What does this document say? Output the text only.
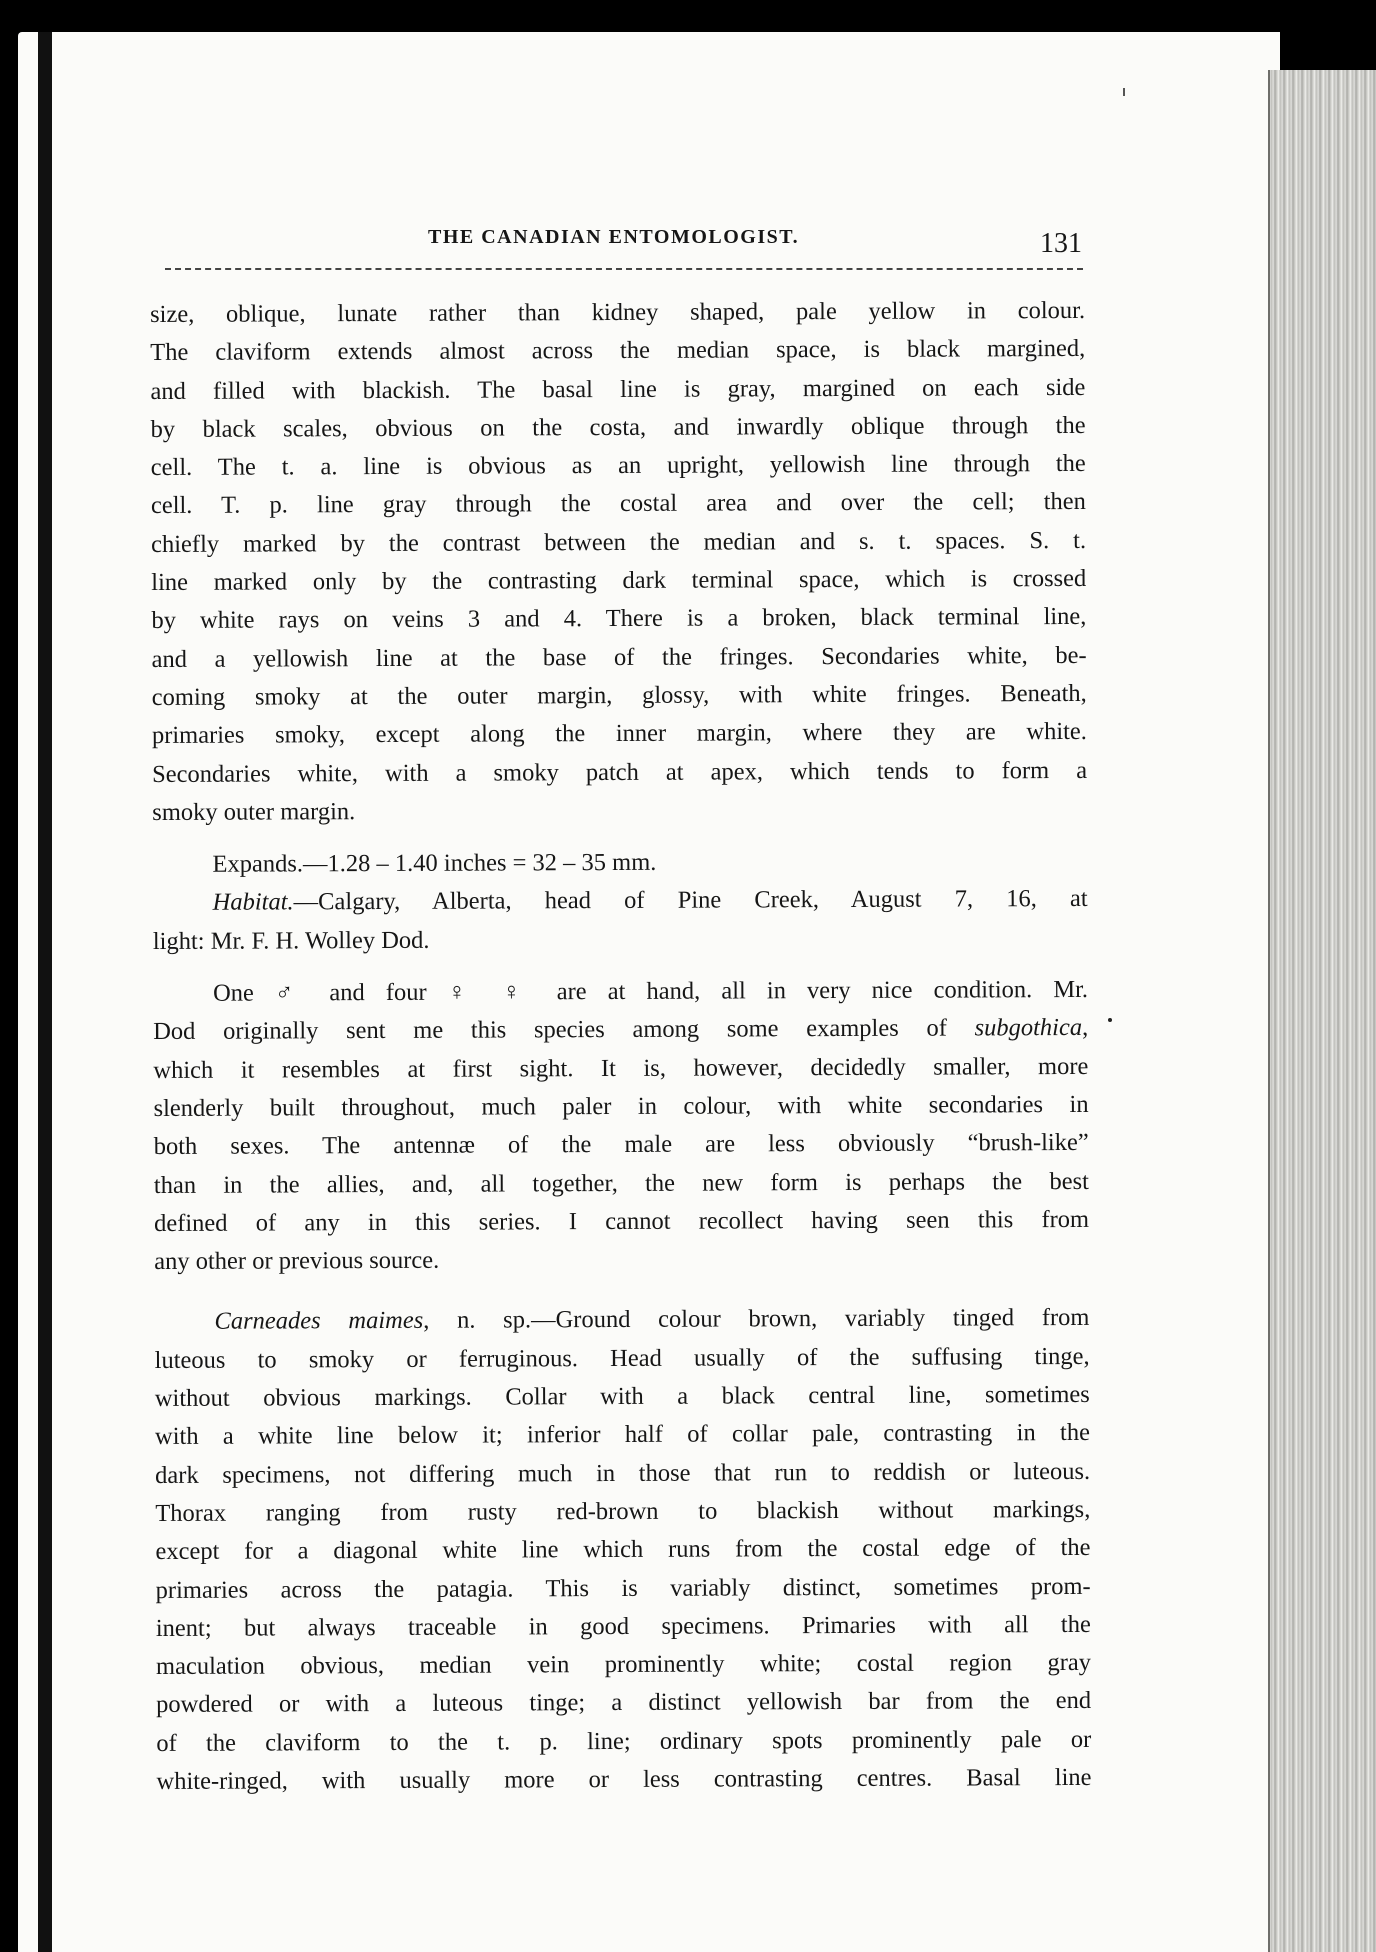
THE CANADIAN ENTOMOLOGIST.	131

size, oblique, lunate rather than kidney shaped, pale yellow in colour.

The claviform extends almost across the median space, is black margined,

and filled with blackish. The basal line is gray, margined on each side

by black scales, obvious on the costa, and inwardly oblique through the

cell. The t. a. line is obvious as an upright, yellowish line through the

cell. T. p. line gray through the costal area and over the cell; then

chiefly marked by the contrast between the median and s. t. spaces. S. t.

line marked only by the contrasting dark terminal space, which is crossed

by white rays on veins 3 and 4. There is a broken, black terminal line,

and a yellowish line at the base of the fringes. Secondaries white, be-

coming smoky at the outer margin, glossy, with white fringes. Beneath,

primaries smoky, except along the inner margin, where they are white.

Secondaries white, with a smoky patch at apex, which tends to form a

smoky outer margin.

Expands.—1.28 – 1.40 inches = 32 – 35 mm.

Habitat.—Calgary, Alberta, head of Pine Creek, August 7, 16, at

light: Mr. F. H. Wolley Dod.

One ♂ and four ♀ ♀ are at hand, all in very nice condition. Mr.

Dod originally sent me this species among some examples of subgothica,

which it resembles at first sight. It is, however, decidedly smaller, more

slenderly built throughout, much paler in colour, with white secondaries in

both sexes. The antennæ of the male are less obviously “brush-like”

than in the allies, and, all together, the new form is perhaps the best

defined of any in this series. I cannot recollect having seen this from

any other or previous source.

Carneades maimes, n. sp.—Ground colour brown, variably tinged from

luteous to smoky or ferruginous. Head usually of the suffusing tinge,

without obvious markings. Collar with a black central line, sometimes

with a white line below it; inferior half of collar pale, contrasting in the

dark specimens, not differing much in those that run to reddish or luteous.

Thorax ranging from rusty red-brown to blackish without markings,

except for a diagonal white line which runs from the costal edge of the

primaries across the patagia. This is variably distinct, sometimes prom-

inent; but always traceable in good specimens. Primaries with all the

maculation obvious, median vein prominently white; costal region gray

powdered or with a luteous tinge; a distinct yellowish bar from the end

of the claviform to the t. p. line; ordinary spots prominently pale or

white-ringed, with usually more or less contrasting centres. Basal line
